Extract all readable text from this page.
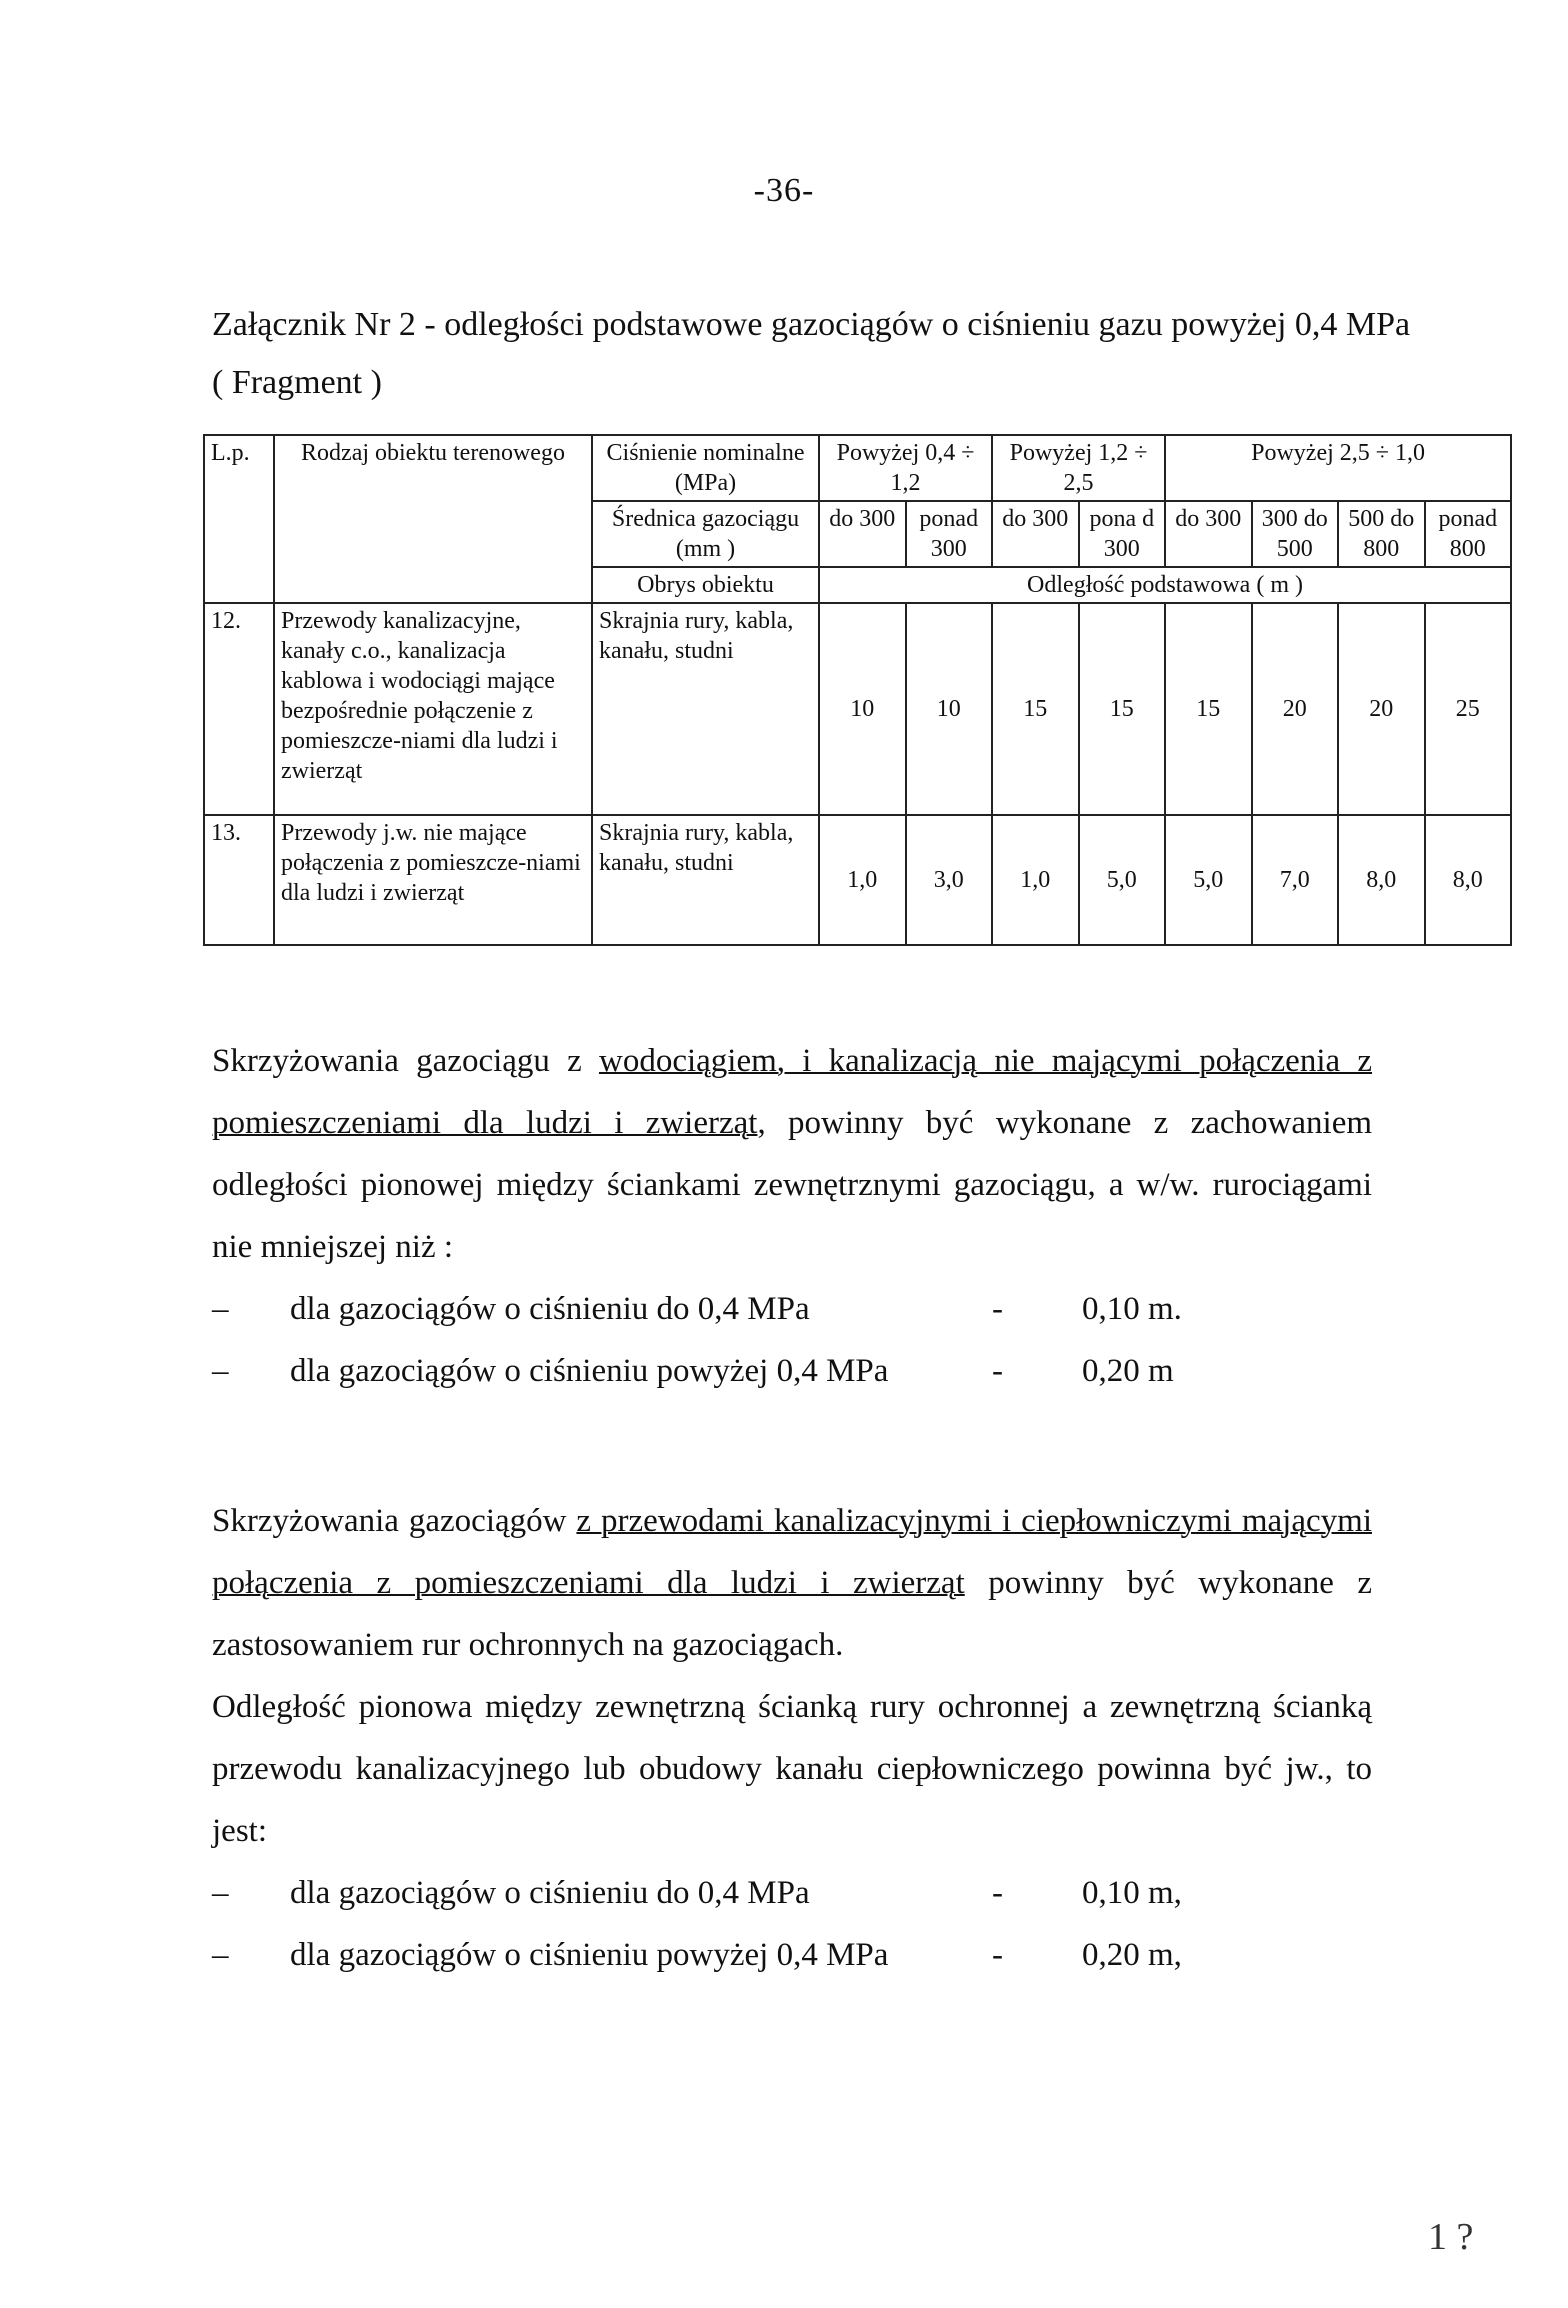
-36-
Załącznik Nr 2 - odległości podstawowe gazociągów o ciśnieniu gazu powyżej 0,4 MPa ( Fragment )
L.p.	Rodzaj obiektu terenowego	Ciśnienie nominalne (MPa)	Powyżej 0,4 ÷ 1,2		Powyżej 1,2 ÷ 2,5		Powyżej 2,5 ÷ 1,0			
		Średnica gazociągu (mm )	do 300	ponad 300	do 300	pona d 300	do 300	300 do 500	500 do 800	ponad 800
		Obrys obiektu	Odległość podstawowa ( m )							
12.	Przewody kanalizacyjne, kanały c.o., kanalizacja kablowa i wodociągi mające bezpośrednie połączenie z pomieszcze-niami dla ludzi i zwierząt	Skrajnia rury, kabla, kanału, studni	10	10	15	15	15	20	20	25
13.	Przewody j.w. nie mające połączenia z pomieszcze-niami dla ludzi i zwierząt	Skrajnia rury, kabla, kanału, studni	1,0	3,0	1,0	5,0	5,0	7,0	8,0	8,0

Skrzyżowania gazociągu z wodociągiem, i kanalizacją nie mającymi połączenia z pomieszczeniami dla ludzi i zwierząt, powinny być wykonane z zachowaniem odległości pionowej między ściankami zewnętrznymi gazociągu, a w/w. rurociągami nie mniejszej niż :

– dla gazociągów o ciśnieniu do 0,4 MPa	- 0,10 m.
– dla gazociągów o ciśnieniu powyżej 0,4 MPa	- 0,20 m

Skrzyżowania gazociągów z przewodami kanalizacyjnymi i ciepłowniczymi mającymi połączenia z pomieszczeniami dla ludzi i zwierząt powinny być wykonane z zastosowaniem rur ochronnych na gazociągach.

Odległość pionowa między zewnętrzną ścianką rury ochronnej a zewnętrzną ścianką przewodu kanalizacyjnego lub obudowy kanału ciepłowniczego powinna być jw., to jest:

– dla gazociągów o ciśnieniu do 0,4 MPa	- 0,10 m,
– dla gazociągów o ciśnieniu powyżej 0,4 MPa	- 0,20 m,
1 ?
